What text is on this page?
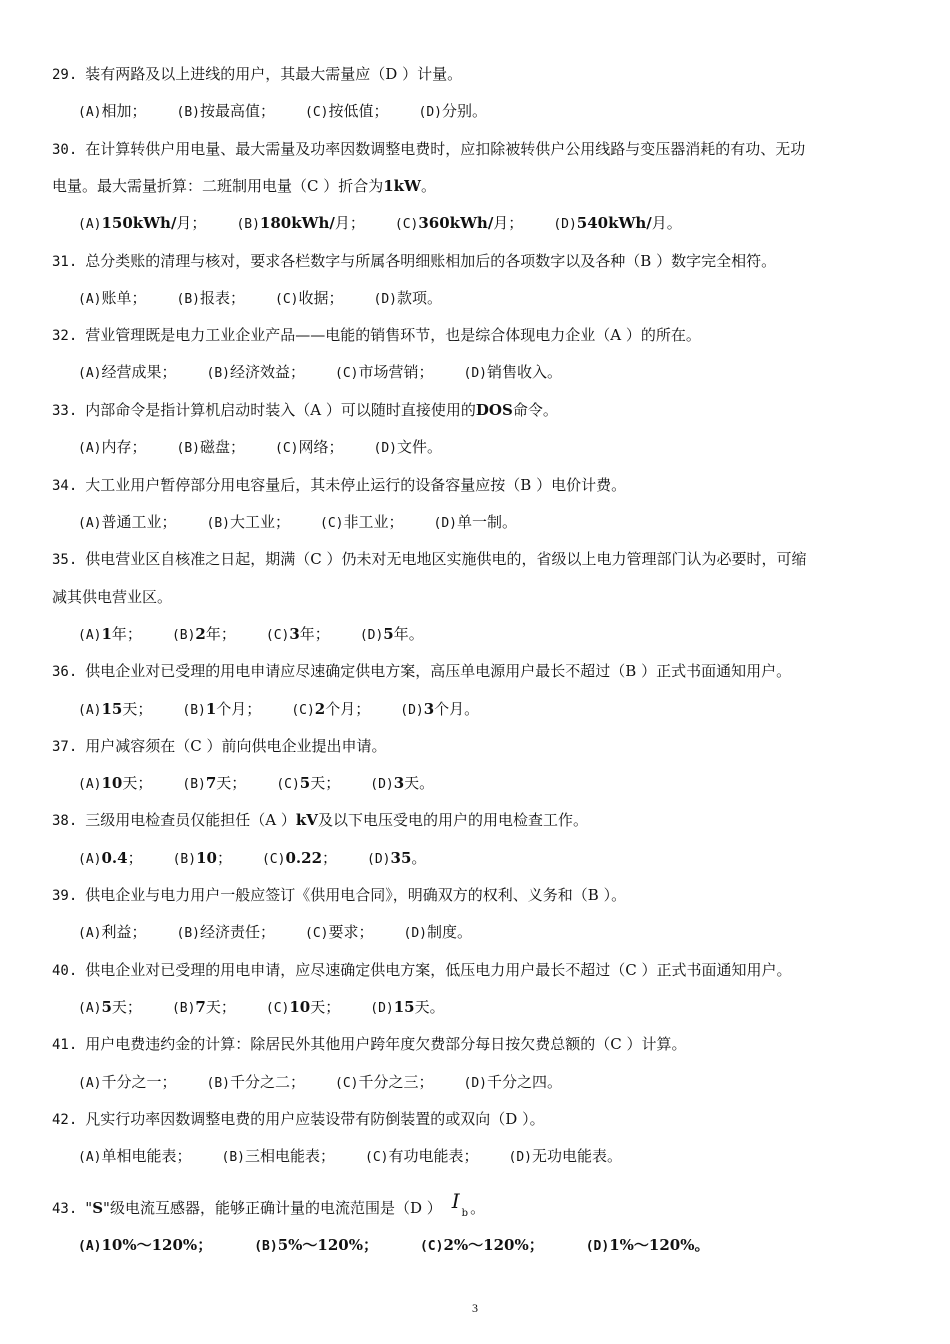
29. 装有两路及以上进线的用户，其最大需量应（D ）计量。
(A)相加； (B)按最高值； (C)按低值； (D)分别。
30. 在计算转供户用电量、最大需量及功率因数调整电费时，应扣除被转供户公用线路与变压器消耗的有功、无功
电量。最大需量折算：二班制用电量（C ）折合为1kW。
(A)150kWh/月； (B)180kWh/月； (C)360kWh/月； (D)540kWh/月。
31. 总分类账的清理与核对，要求各栏数字与所属各明细账相加后的各项数字以及各种（B ）数字完全相符。
(A)账单； (B)报表； (C)收据； (D)款项。
32. 营业管理既是电力工业企业产品——电能的销售环节，也是综合体现电力企业（A ）的所在。
(A)经营成果； (B)经济效益； (C)市场营销； (D)销售收入。
33. 内部命令是指计算机启动时装入（A ）可以随时直接使用的DOS命令。
(A)内存； (B)磁盘； (C)网络； (D)文件。
34. 大工业用户暂停部分用电容量后，其未停止运行的设备容量应按（B ）电价计费。
(A)普通工业； (B)大工业； (C)非工业； (D)单一制。
35. 供电营业区自核准之日起，期满（C ）仍未对无电地区实施供电的，省级以上电力管理部门认为必要时，可缩
减其供电营业区。
(A)1年； (B)2年； (C)3年； (D)5年。
36. 供电企业对已受理的用电申请应尽速确定供电方案，高压单电源用户最长不超过（B ）正式书面通知用户。
(A)15天； (B)1个月； (C)2个月； (D)3个月。
37. 用户减容须在（C ）前向供电企业提出申请。
(A)10天； (B)7天； (C)5天； (D)3天。
38. 三级用电检查员仅能担任（A ）kV及以下电压受电的用户的用电检查工作。
(A)0.4； (B)10； (C)0.22； (D)35。
39. 供电企业与电力用户一般应签订《供用电合同》，明确双方的权利、义务和（B ）。
(A)利益； (B)经济责任； (C)要求； (D)制度。
40. 供电企业对已受理的用电申请，应尽速确定供电方案，低压电力用户最长不超过（C ）正式书面通知用户。
(A)5天； (B)7天； (C)10天； (D)15天。
41. 用户电费违约金的计算：除居民外其他用户跨年度欠费部分每日按欠费总额的（C ）计算。
(A)千分之一； (B)千分之二； (C)千分之三； (D)千分之四。
42. 凡实行功率因数调整电费的用户应装设带有防倒装置的或双向（D ）。
(A)单相电能表； (B)三相电能表； (C)有功电能表； (D)无功电能表。
43. "S"级电流互感器，能够正确计量的电流范围是（D ） $I_b$ 。
(A)10%～120%；	(B)5%～120%；	(C)2%～120%；	(D)1%～120%。
3
